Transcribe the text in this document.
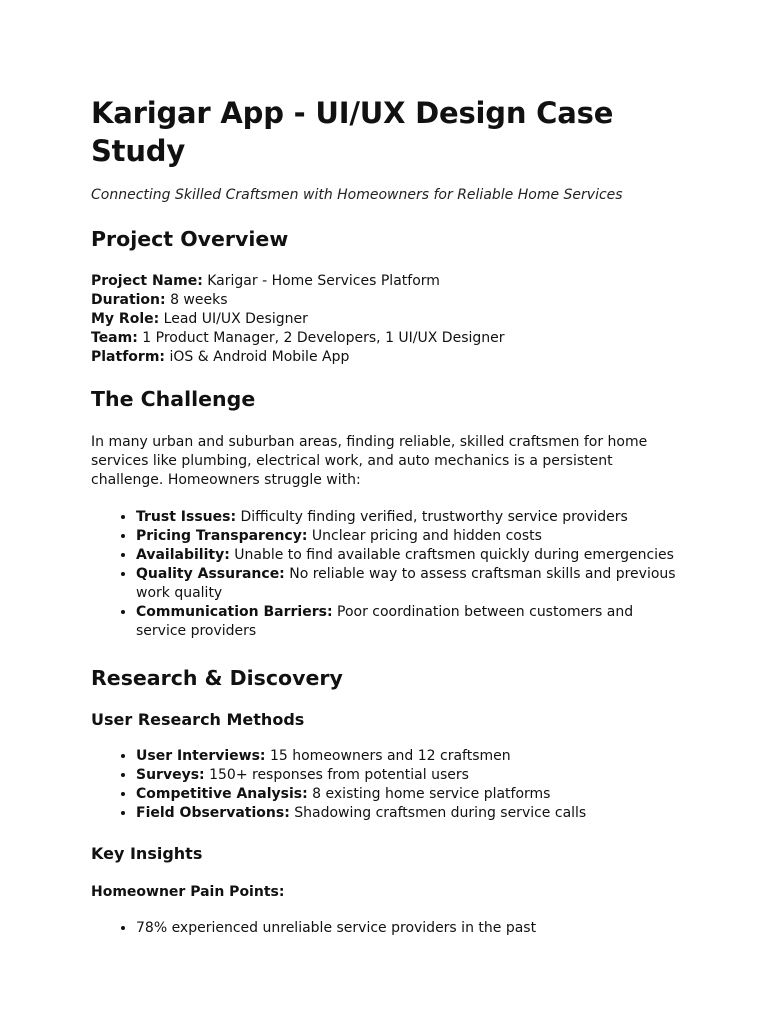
Karigar App - UI/UX Design Case Study

Connecting Skilled Craftsmen with Homeowners for Reliable Home Services

Project Overview
Project Name: Karigar - Home Services Platform
Duration: 8 weeks
My Role: Lead UI/UX Designer
Team: 1 Product Manager, 2 Developers, 1 UI/UX Designer
Platform: iOS & Android Mobile App
The Challenge

In many urban and suburban areas, finding reliable, skilled craftsmen for home services like plumbing, electrical work, and auto mechanics is a persistent challenge. Homeowners struggle with:

• Trust Issues: Difficulty finding verified, trustworthy service providers
• Pricing Transparency: Unclear pricing and hidden costs
• Availability: Unable to find available craftsmen quickly during emergencies
• Quality Assurance: No reliable way to assess craftsman skills and previous work quality
• Communication Barriers: Poor coordination between customers and service providers
Research & Discovery
User Research Methods
• User Interviews: 15 homeowners and 12 craftsmen
• Surveys: 150+ responses from potential users
• Competitive Analysis: 8 existing home service platforms
• Field Observations: Shadowing craftsmen during service calls
Key Insights
Homeowner Pain Points:
• 78% experienced unreliable service providers in the past
